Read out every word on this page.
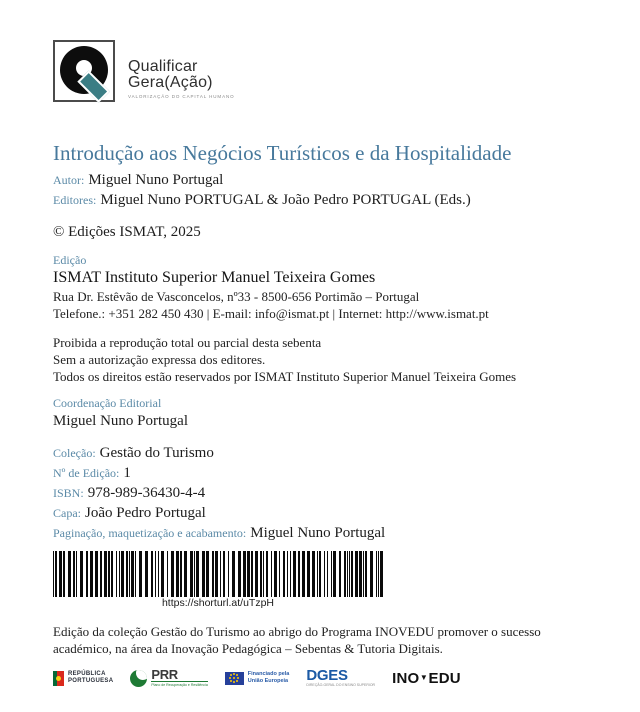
Qualificar
Gera(Ação)
VALORIZAÇÃO DO CAPITAL HUMANO
Introdução aos Negócios Turísticos e da Hospitalidade
Autor: Miguel Nuno Portugal
Editores: Miguel Nuno PORTUGAL & João Pedro PORTUGAL (Eds.)
© Edições ISMAT, 2025
Edição
ISMAT Instituto Superior Manuel Teixeira Gomes
Rua Dr. Estêvão de Vasconcelos, nº33 - 8500-656 Portimão – Portugal
Telefone.: +351 282 450 430 | E-mail: info@ismat.pt | Internet: http://www.ismat.pt
Proibida a reprodução total ou parcial desta sebenta
Sem a autorização expressa dos editores.
Todos os direitos estão reservados por ISMAT Instituto Superior Manuel Teixeira Gomes
Coordenação Editorial
Miguel Nuno Portugal
Coleção: Gestão do Turismo
Nº de Edição: 1
ISBN: 978-989-36430-4-4
Capa: João Pedro Portugal
Paginação, maquetização e acabamento: Miguel Nuno Portugal
https://shorturl.at/uTzpH
Edição da coleção Gestão do Turismo ao abrigo do Programa INOVEDU promover o sucesso académico, na área da Inovação Pedagógica – Sebentas & Tutoria Digitais.
REPÚBLICA
PORTUGUESA	PRR
Plano de Recuperação e Resiliência
Financiado pela
União Europeia DGES
DIREÇÃO-GERAL DO ENSINO SUPERIOR INO ▼ EDU
